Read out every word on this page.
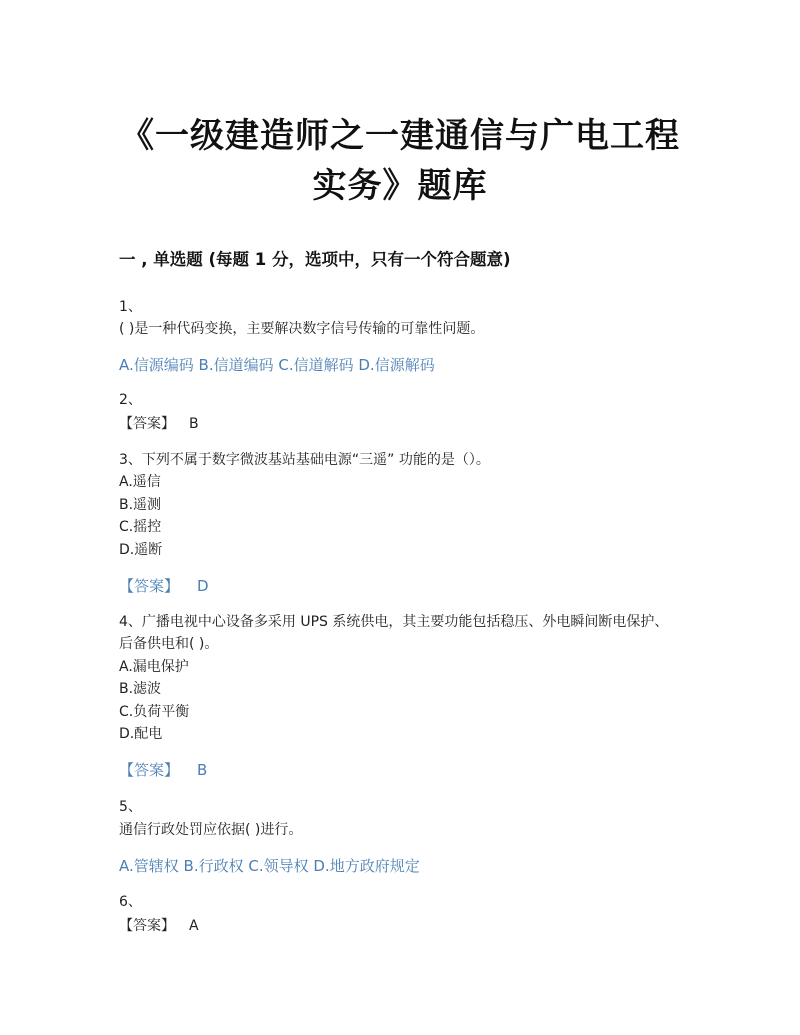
《一级建造师之一建通信与广电工程
实务》题库
一 , 单选题 (每题 1 分，选项中，只有一个符合题意)
1、
( )是一种代码变换，主要解决数字信号传输的可靠性问题。
A.信源编码 B.信道编码 C.信道解码 D.信源解码
2、
【答案】 B
3、下列不属于数字微波基站基础电源“三遥” 功能的是（）。
A.遥信
B.遥测
C.摇控
D.遥断
【答案】 D
4、广播电视中心设备多采用 UPS 系统供电，其主要功能包括稳压、外电瞬间断电保护、
后备供电和( )。
A.漏电保护
B.滤波
C.负荷平衡
D.配电
【答案】 B
5、
通信行政处罚应依据( )进行。
A.管辖权 B.行政权 C.领导权 D.地方政府规定
6、
【答案】 A
